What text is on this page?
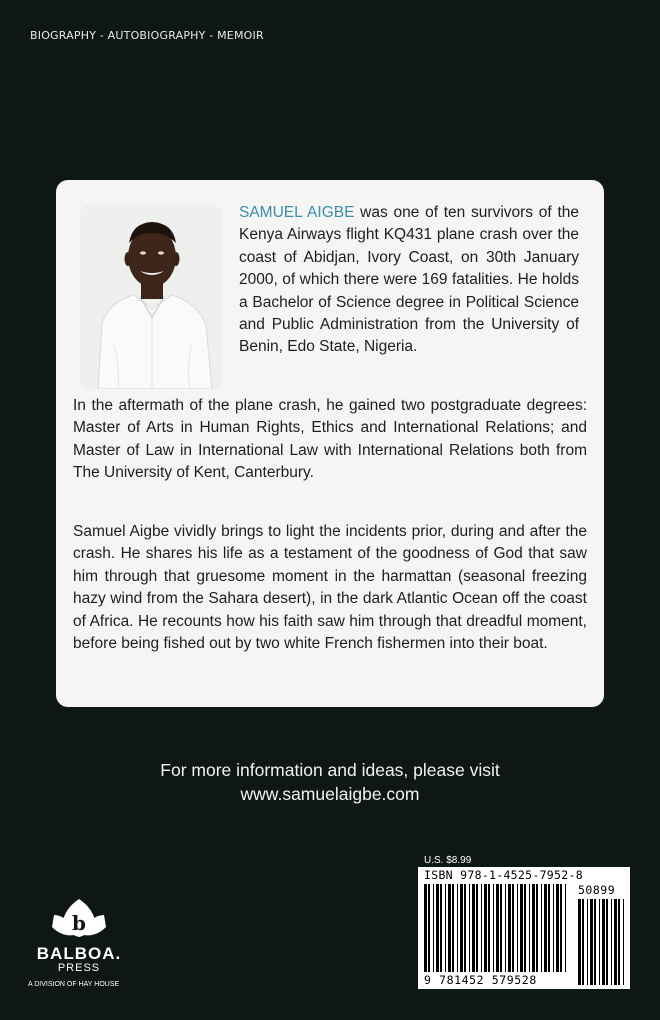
BIOGRAPHY - AUTOBIOGRAPHY - MEMOIR

SAMUEL AIGBE was one of ten survivors of the Kenya Airways flight KQ431 plane crash over the coast of Abidjan, Ivory Coast, on 30th January 2000, of which there were 169 fatalities. He holds a Bachelor of Science degree in Political Science and Public Administration from the University of Benin, Edo State, Nigeria.

In the aftermath of the plane crash, he gained two postgraduate degrees: Master of Arts in Human Rights, Ethics and International Relations; and Master of Law in International Law with International Relations both from The University of Kent, Canterbury.

Samuel Aigbe vividly brings to light the incidents prior, during and after the crash. He shares his life as a testament of the goodness of God that saw him through that gruesome moment in the harmattan (seasonal freezing hazy wind from the Sahara desert), in the dark Atlantic Ocean off the coast of Africa. He recounts how his faith saw him through that dreadful moment, before being fished out by two white French fishermen into their boat.

For more information and ideas, please visit
www.samuelaigbe.com
U.S. $8.99
ISBN 978-1-4525-7952-8
50899
9 781452 579528
b
BALBOA.
PRESS
A DIVISION OF HAY HOUSE
